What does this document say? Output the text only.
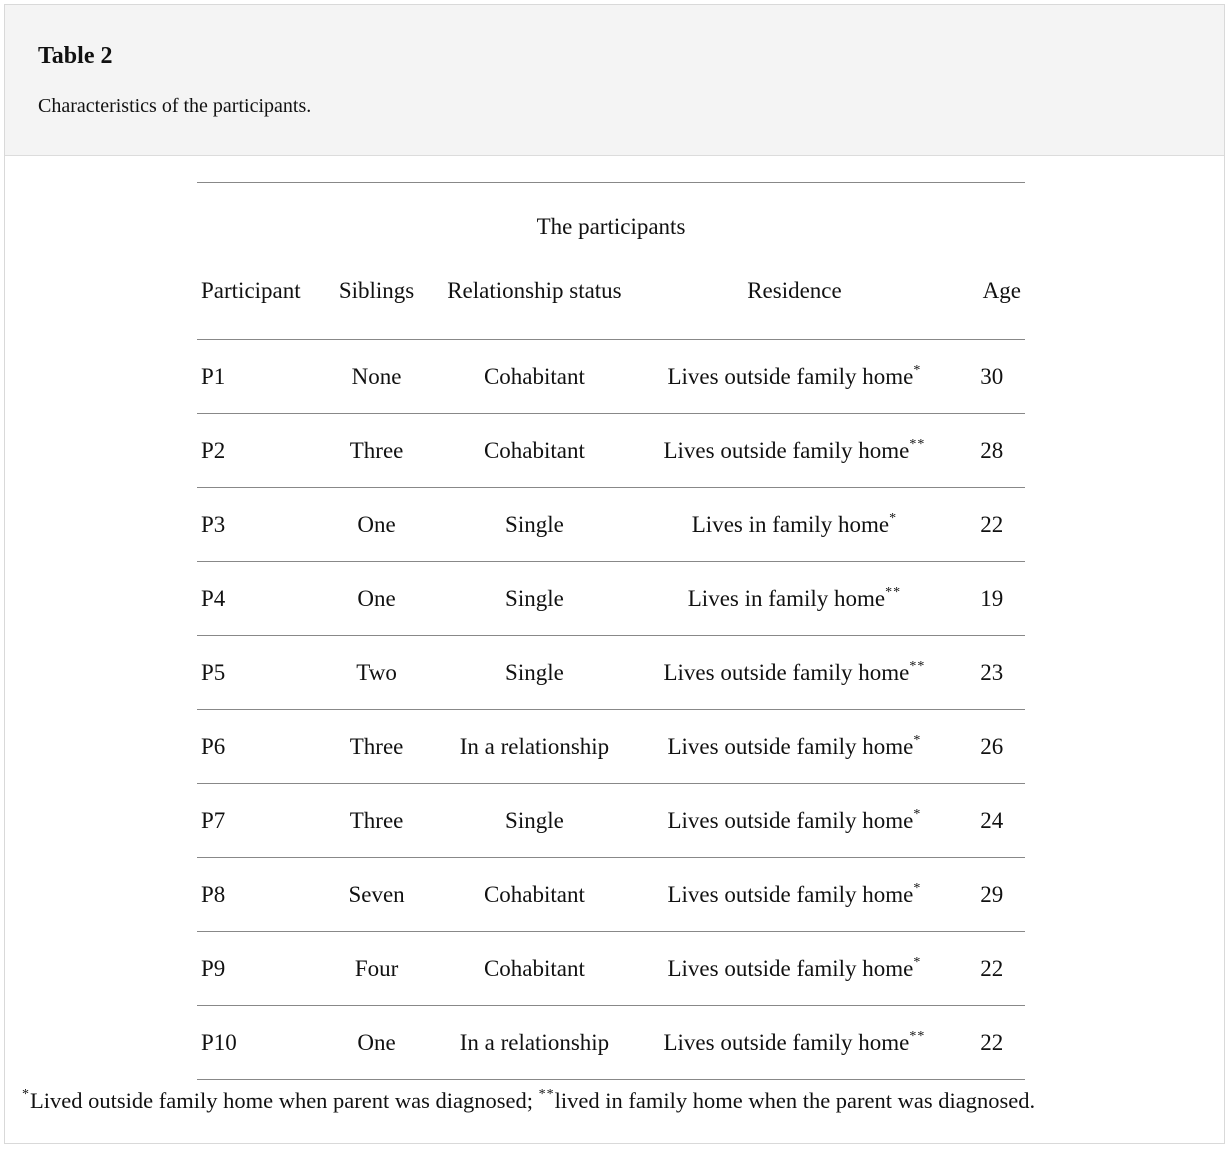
Table 2
Characteristics of the participants.

The participants				
Participant	Siblings	Relationship status	Residence	Age
P1	None	Cohabitant	Lives outside family home*	30
P2	Three	Cohabitant	Lives outside family home**	28
P3	One	Single	Lives in family home*	22
P4	One	Single	Lives in family home**	19
P5	Two	Single	Lives outside family home**	23
P6	Three	In a relationship	Lives outside family home*	26
P7	Three	Single	Lives outside family home*	24
P8	Seven	Cohabitant	Lives outside family home*	29
P9	Four	Cohabitant	Lives outside family home*	22
P10	One	In a relationship	Lives outside family home**	22
*Lived outside family home when parent was diagnosed; **lived in family home when the parent was diagnosed.
